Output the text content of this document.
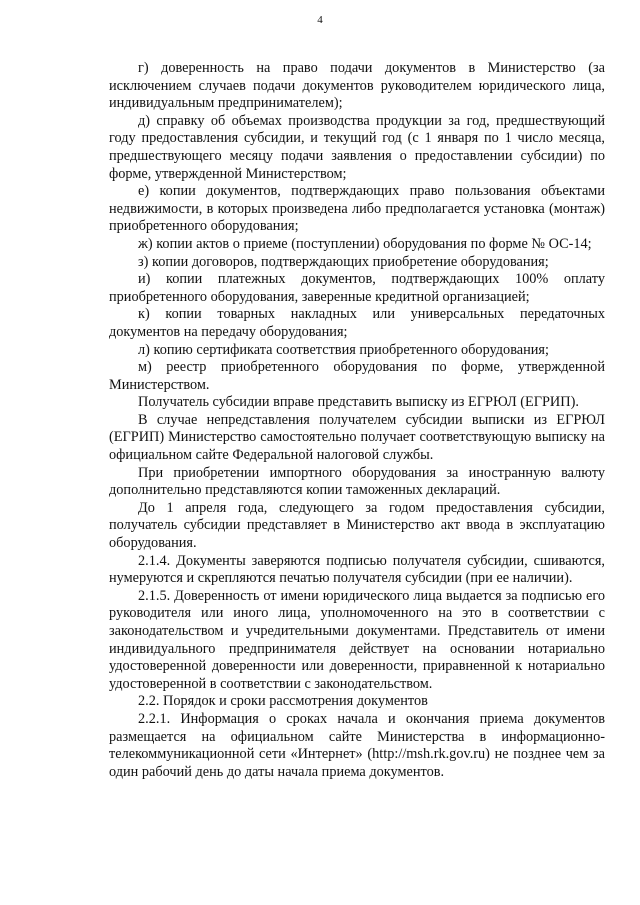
4

г) доверенность на право подачи документов в Министерство (за исключением случаев подачи документов руководителем юридического лица, индивидуальным предпринимателем);

д) справку об объемах производства продукции за год, предшествующий году предоставления субсидии, и текущий год (с 1 января по 1 число месяца, предшествующего месяцу подачи заявления о предоставлении субсидии) по форме, утвержденной Министерством;

е) копии документов, подтверждающих право пользования объектами недвижимости, в которых произведена либо предполагается установка (монтаж) приобретенного оборудования;

ж) копии актов о приеме (поступлении) оборудования по форме № ОС-14;

з) копии договоров, подтверждающих приобретение оборудования;

и) копии платежных документов, подтверждающих 100% оплату приобретенного оборудования, заверенные кредитной организацией;

к) копии товарных накладных или универсальных передаточных документов на передачу оборудования;

л) копию сертификата соответствия приобретенного оборудования;

м) реестр приобретенного оборудования по форме, утвержденной Министерством.

Получатель субсидии вправе представить выписку из ЕГРЮЛ (ЕГРИП).

В случае непредставления получателем субсидии выписки из ЕГРЮЛ (ЕГРИП) Министерство самостоятельно получает соответствующую выписку на официальном сайте Федеральной налоговой службы.

При приобретении импортного оборудования за иностранную валюту дополнительно представляются копии таможенных деклараций.

До 1 апреля года, следующего за годом предоставления субсидии, получатель субсидии представляет в Министерство акт ввода в эксплуатацию оборудования.

2.1.4. Документы заверяются подписью получателя субсидии, сшиваются, нумеруются и скрепляются печатью получателя субсидии (при ее наличии).

2.1.5. Доверенность от имени юридического лица выдается за подписью его руководителя или иного лица, уполномоченного на это в соответствии с законодательством и учредительными документами. Представитель от имени индивидуального предпринимателя действует на основании нотариально удостоверенной доверенности или доверенности, приравненной к нотариально удостоверенной в соответствии с законодательством.

2.2. Порядок и сроки рассмотрения документов

2.2.1. Информация о сроках начала и окончания приема документов размещается на официальном сайте Министерства в информационно-телекоммуникационной сети «Интернет» (http://msh.rk.gov.ru) не позднее чем за один рабочий день до даты начала приема документов.
